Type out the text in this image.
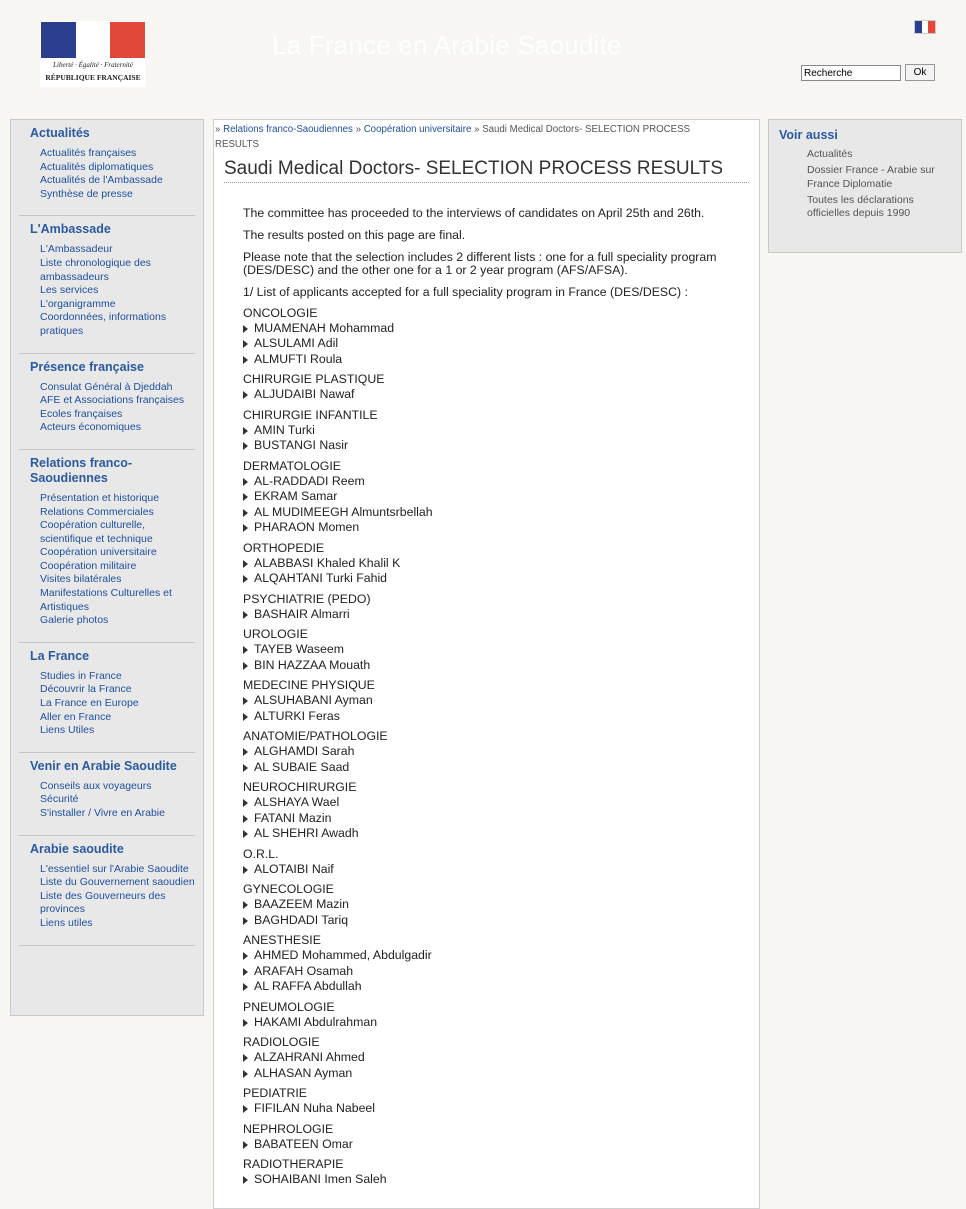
Liberté · Égalité · Fraternité
RÉPUBLIQUE FRANÇAISE
La France en Arabie Saoudite
Recherche
Ok
Actualités
Actualités françaises
Actualités diplomatiques
Actualités de l'Ambassade
Synthèse de presse
L'Ambassade
L'Ambassadeur
Liste chronologique des ambassadeurs
Les services
L'organigramme
Coordonnées, informations pratiques
Présence française
Consulat Général à Djeddah
AFE et Associations françaises
Ecoles françaises
Acteurs économiques
Relations franco-Saoudiennes
Présentation et historique
Relations Commerciales
Coopération culturelle, scientifique et technique
Coopération universitaire
Coopération militaire
Visites bilatérales
Manifestations Culturelles et Artistiques
Galerie photos
La France
Studies in France
Découvrir la France
La France en Europe
Aller en France
Liens Utiles
Venir en Arabie Saoudite
Conseils aux voyageurs
Sécurité
S'installer / Vivre en Arabie
Arabie saoudite
L'essentiel sur l'Arabie Saoudite
Liste du Gouvernement saoudien
Liste des Gouverneurs des provinces
Liens utiles
» Relations franco-Saoudiennes » Coopération universitaire » Saudi Medical Doctors- SELECTION PROCESS RESULTS
Saudi Medical Doctors- SELECTION PROCESS RESULTS

The committee has proceeded to the interviews of candidates on April 25th and 26th.

The results posted on this page are final.

Please note that the selection includes 2 different lists : one for a full speciality program (DES/DESC) and the other one for a 1 or 2 year program (AFS/AFSA).

1/ List of applicants accepted for a full speciality program in France (DES/DESC) :

ONCOLOGIE
MUAMENAH Mohammad
ALSULAMI Adil
ALMUFTI Roula
CHIRURGIE PLASTIQUE
ALJUDAIBI Nawaf
CHIRURGIE INFANTILE
AMIN Turki
BUSTANGI Nasir
DERMATOLOGIE
AL-RADDADI Reem
EKRAM Samar
AL MUDIMEEGH Almuntsrbellah
PHARAON Momen
ORTHOPEDIE
ALABBASI Khaled Khalil K
ALQAHTANI Turki Fahid
PSYCHIATRIE (PEDO)
BASHAIR Almarri
UROLOGIE
TAYEB Waseem
BIN HAZZAA Mouath
MEDECINE PHYSIQUE
ALSUHABANI Ayman
ALTURKI Feras
ANATOMIE/PATHOLOGIE
ALGHAMDI Sarah
AL SUBAIE Saad
NEUROCHIRURGIE
ALSHAYA Wael
FATANI Mazin
AL SHEHRI Awadh
O.R.L.
ALOTAIBI Naif
GYNECOLOGIE
BAAZEEM Mazin
BAGHDADI Tariq
ANESTHESIE
AHMED Mohammed, Abdulgadir
ARAFAH Osamah
AL RAFFA Abdullah
PNEUMOLOGIE
HAKAMI Abdulrahman
RADIOLOGIE
ALZAHRANI Ahmed
ALHASAN Ayman
PEDIATRIE
FIFILAN Nuha Nabeel
NEPHROLOGIE
BABATEEN Omar
RADIOTHERAPIE
SOHAIBANI Imen Saleh
Voir aussi
Actualités
Dossier France - Arabie sur France Diplomatie
Toutes les déclarations officielles depuis 1990
